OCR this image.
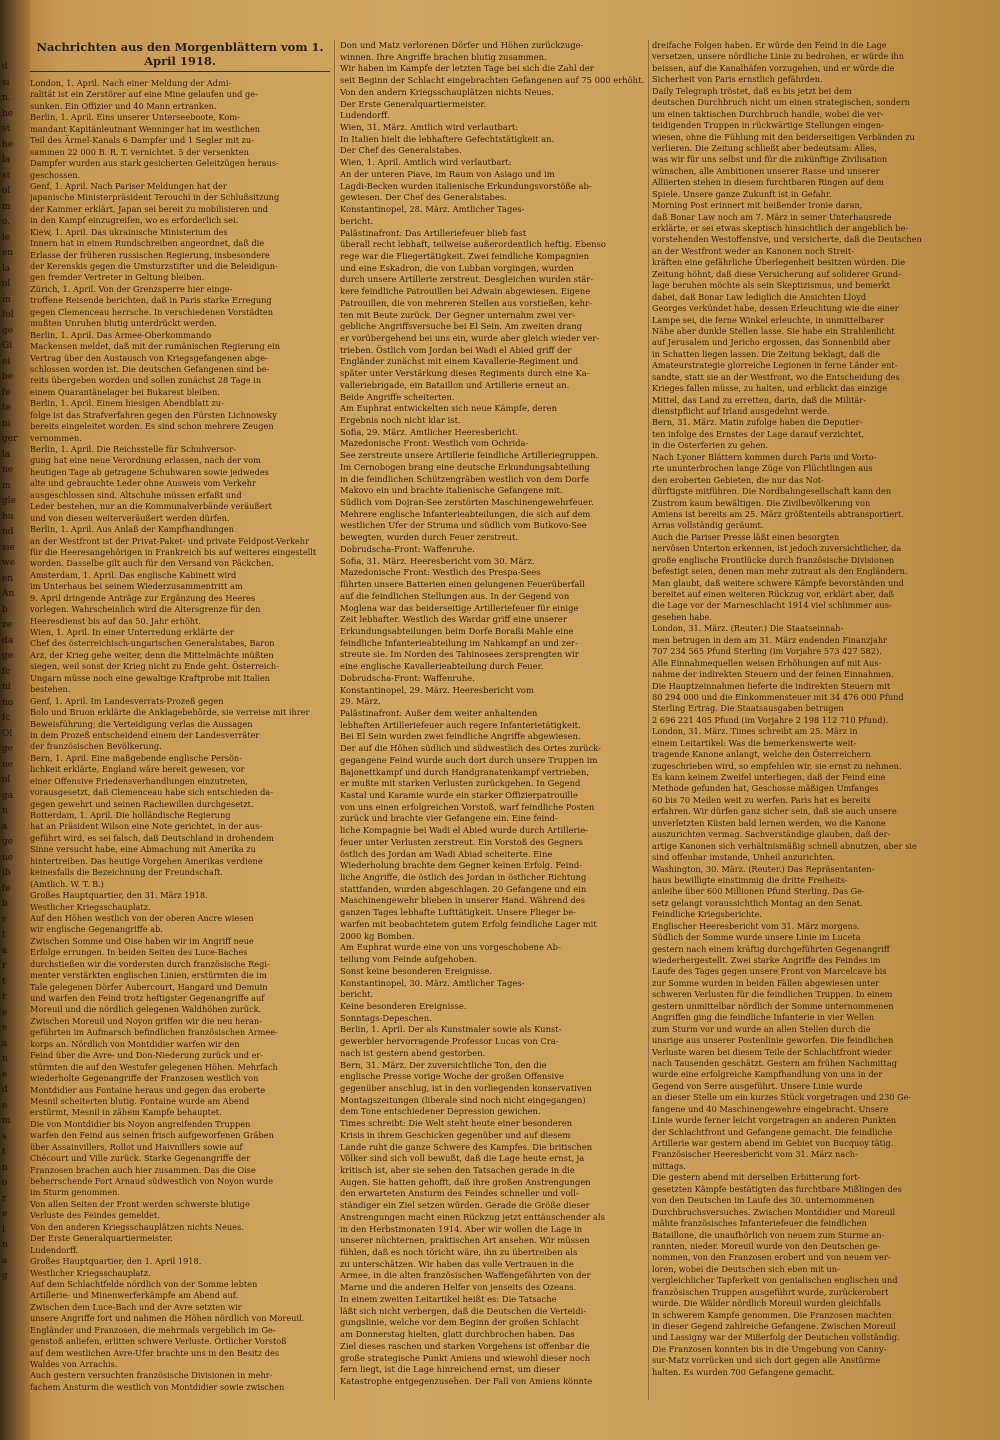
d
si
n.
he
st
he
la
st
ol
m
o.
le
en
la
ol
in
fol
ge
Gi
ei
be
fe
te
ni
ger
la
ne
m
gle
bu
nd
sie
we
en
An
b
ze
da
ge
fc
ni
no
fc
Ol
ge
ue
ol
ga
n
a
ge
ue
ib
fe
b
r
t
a
r
t
r
e
e
a
n
e
d
e
m
s
t
n
o
r
e
l
n
a
g
Nachrichten aus den Morgenblättern vom 1. April 1918.
London, 1. April. Nach einer Meldung der Admi-
ralität ist ein Zerstörer auf eine Mine gelaufen und ge-
sunken. Ein Offizier und 40 Mann ertranken.
Berlin, 1. April. Eins unserer Unterseeboote, Kom-
mandant Kapitänleutnant Wenninger hat im westlichen
Teil des Ärmel-Kanals 6 Dampfer und 1 Segler mit zu-
sammen 22 000 B. R. T. vernichtet. 5 der versenkten
Dampfer wurden aus stark gesicherten Geleitzügen heraus-
geschossen.
Genf, 1. April. Nach Pariser Meldungen hat der
japanische Ministerpräsident Terouchi in der Schlußsitzung
der Kammer erklärt, Japan sei bereit zu mobilisieren und
in den Kampf einzugreifen, wo es erforderlich sei.
Kiew, 1. April. Das ukrainische Ministerium des
Innern hat in einem Rundschreiben angeordnet, daß die
Erlasse der früheren russischen Regierung, insbesondere
der Kerenskis gegen die Umsturzstifter und die Beleidigun-
gen fremder Vertreter in Geltung bleiben.
Zürich, 1. April. Von der Grenzsperre hier einge-
troffene Reisende berichten, daß in Paris starke Erregung
gegen Clemenceau herrsche. In verschiedenen Vorstädten
mußten Unruhen blutig unterdrückt werden.
Berlin, 1. April. Das Armee-Oberkommando
Mackensen meldet, daß mit der rumänischen Regierung ein
Vertrag über den Austausch von Kriegsgefangenen abge-
schlossen worden ist. Die deutschen Gefangenen sind be-
reits übergeben worden und sollen zunächst 28 Tage in
einem Quarantänelager bei Bukarest bleiben.
Berlin, 1. April. Einem hiesigen Abendblatt zu-
folge ist das Strafverfahren gegen den Fürsten Lichnowsky
bereits eingeleitet worden. Es sind schon mehrere Zeugen
vernommen.
Berlin, 1. April. Die Reichsstelle für Schuhversor-
gung hat eine neue Verordnung erlassen, nach der vom
heutigen Tage ab getragene Schuhwaren sowie jedwedes
alte und gebrauchte Leder ohne Ausweis vom Verkehr
ausgeschlossen sind. Altschuhe müssen erfaßt und
Leder bestehen, nur an die Kommunalverbände veräußert
und von diesen weiterveräußert werden dürfen.
Berlin, 1. April. Aus Anlaß der Kampfhandlungen
an der Westfront ist der Privat-Paket- und private Feldpost-Verkehr
für die Heeresangehörigen in Frankreich bis auf weiteres eingestellt
worden. Dasselbe gilt auch für den Versand von Päckchen.
Amsterdam, 1. April. Das englische Kabinett wird
im Unterhaus bei seinem Wiederzusammentritt am
9. April dringende Anträge zur Ergänzung des Heeres
vorlegen. Wahrscheinlich wird die Altersgrenze für den
Heeresdienst bis auf das 50. Jahr erhöht.
Wien, 1. April. In einer Unterredung erklärte der
Chef des österreichisch-ungarischen Generalstabes, Baron
Arz, der Krieg gehe weiter, denn die Mittelmächte müßten
siegen, weil sonst der Krieg nicht zu Ende geht. Österreich-
Ungarn müsse noch eine gewaltige Kraftprobe mit Italien
bestehen.
Genf, 1. April. Im Landesverrats-Prozeß gegen
Bolo und Bruon erklärte die Anklagebehörde, sie verreise mit ihrer
Beweisführung; die Verteidigung verlas die Aussagen
in dem Prozeß entscheidend einem der Landesverräter
der französischen Bevölkerung.
Bern, 1. April. Eine maßgebende englische Persön-
lichkeit erklärte, England wäre bereit gewesen, vor
einer Offensive Friedensverhandlungen einzutreten,
vorausgesetzt, daß Clemenceau habe sich entschieden da-
gegen gewehrt und seinen Rachewillen durchgesetzt.
Rotterdam, 1. April. Die holländische Regierung
hat an Präsident Wilson eine Note gerichtet, in der aus-
geführt wird, es sei falsch, daß Deutschland in drohendem
Sinne versucht habe, eine Abmachung mit Amerika zu
hintertreiben. Das heutige Vorgehen Amerikas verdiene
keinesfalls die Bezeichnung der Freundschaft.
(Amtlich. W. T. B.)
Großes Hauptquartier, den 31. März 1918.
Westlicher Kriegsschauplatz.
Auf den Höhen westlich von der oberen Ancre wiesen
wir englische Gegenangriffe ab.
Zwischen Somme und Oise haben wir im Angriff neue
Erfolge errungen. In beiden Seiten des Luce-Baches
durchstießen wir die vordersten durch französische Regi-
menter verstärkten englischen Linien, erstürmten die im
Tale gelegenen Dörfer Aubercourt, Hangard und Demuin
und warfen den Feind trotz heftigster Gegenangriffe auf
Moreuil und die nördlich gelegenen Waldhöhen zurück.
Zwischen Moreuil und Noyon griffen wir die neu heran-
geführten im Aufmarsch befindlichen französischen Armee-
korps an. Nördlich von Montdidier warfen wir den
Feind über die Avre- und Don-Niederung zurück und er-
stürmten die auf den Westufer gelegenen Höhen. Mehrfach
wiederholte Gegenangriffe der Franzosen westlich von
Montdidier aus Fontaine heraus und gegen das eroberte
Mesnil scheiterten blutig. Fontaine wurde am Abend
erstürmt, Mesnil in zähem Kampfe behauptet.
Die von Montdidier bis Noyon angreifenden Truppen
warfen den Feind aus seinen frisch aufgeworfenen Gräben
über Assainvillers, Rollot und Haivnillers sowie auf
Chécourt und Ville zurück. Starke Gegenangriffe der
Franzosen brachen auch hier zusammen. Das die Oise
beherrschende Fort Arnaud südwestlich von Noyon wurde
im Sturm genommen.
Von allen Seiten der Front werden schwerste blutige
Verluste des Feindes gemeldet.
Von den anderen Kriegsschauplätzen nichts Neues.
Der Erste Generalquartiermeister.
Ludendorff.
Großes Hauptquartier, den 1. April 1918.
Westlicher Kriegsschauplatz.
Auf dem Schlachtfelde nördlich von der Somme lebten
Artillerie- und Minenwerferkämpfe am Abend auf.
Zwischen dem Luce-Bach und der Avre setzten wir
unsere Angriffe fort und nahmen die Höhen nördlich von Moreuil.
Engländer und Franzosen, die mehrmals vergeblich im Ge-
genstoß anliefen, erlitten schwere Verluste. Örtlicher Vorstoß
auf dem westlichen Avre-Ufer brachte uns in den Besitz des
Waldes von Arrachis.
Auch gestern versuchten französische Divisionen in mehr-
fachem Ansturm die westlich von Montdidier sowie zwischen
Don und Matz verlorenen Dörfer und Höhen zurückzuge-
winnen. Ihre Angriffe brachen blutig zusammen.
Wir haben im Kampfe der letzten Tage bei sich die Zahl der
seit Beginn der Schlacht eingebrachten Gefangenen auf 75 000 erhöht.
Von den andern Kriegsschauplätzen nichts Neues.
Der Erste Generalquartiermeister.
Ludendorff.
Wien, 31. März. Amtlich wird verlautbart:
In Italien hielt die lebhaftere Gefechtstätigkeit an.
Der Chef des Generalstabes.
Wien, 1. April. Amtlich wird verlautbart:
An der unteren Piave, im Raum von Asiago und im
Lagdi-Becken wurden italienische Erkundungsvorstöße ab-
gewiesen. Der Chef des Generalstabes.
Konstantinopel, 28. März. Amtlicher Tages-
bericht.
Palästinafront: Das Artilleriefeuer blieb fast
überall recht lebhaft, teilweise außerordentlich heftig. Ebenso
rege war die Fliegertätigkeit. Zwei feindliche Kompagnien
und eine Eskadron, die von Lubban vorgingen, wurden
durch unsere Artillerie zerstreut. Desgleichen wurden stär-
kere feindliche Patrouillen bei Adwain abgewiesen. Eigene
Patrouillen, die von mehreren Stellen aus vorstießen, kehr-
ten mit Beute zurück. Der Gegner unternahm zwei ver-
gebliche Angriffsversuche bei El Sein. Am zweiten drang
er vorübergehend bei uns ein, wurde aber gleich wieder ver-
trieben. Östlich vom Jordan bei Wadi el Abied griff der
Engländer zunächst mit einem Kavallerie-Regiment und
später unter Verstärkung dieses Regiments durch eine Ka-
valleriebrigade, ein Bataillon und Artillerie erneut an.
Beide Angriffe scheiterten.
Am Euphrat entwickelten sich neue Kämpfe, deren
Ergebnis noch nicht klar ist.
Sofia, 29. März. Amtlicher Heeresbericht.
Mazedonische Front: Westlich vom Ochrida-
See zerstreute unsere Artillerie feindliche Artilleriegruppen.
Im Cernobogen brang eine deutsche Erkundungsabteilung
in die feindlichen Schützengräben westlich von dem Dorfe
Makovo ein und brachte italienische Gefangene mit.
Südlich vom Dojran-See zerstörten Maschinengewehrfeuer.
Mehrere englische Infanterieabteilungen, die sich auf dem
westlichen Ufer der Struma und südlich vom Butkovo-See
bewegten, wurden durch Feuer zerstreut.
Dobrudscha-Front: Waffenruhe.
Sofia, 31. März. Heeresbericht vom 30. März.
Mazedonische Front: Westlich des Prespa-Sees
führten unsere Batterien einen gelungenen Feuerüberfall
auf die feindlichen Stellungen aus. In der Gegend von
Moglena war das beiderseitige Artilleriefeuer für einige
Zeit lebhafter. Westlich des Wardar griff eine unserer
Erkundungsabteilungen beim Dorfe Boraßi Mahle eine
feindliche Infanterieabteilung im Nahkampf an und zer-
streute sie. Im Norden des Tahinosees zersprengten wir
eine englische Kavallerieabteilung durch Feuer.
Dobrudscha-Front: Waffenruhe.
Konstantinopel, 29. März. Heeresbericht vom
29. März.
Palästinafront: Außer dem weiter anhaltenden
lebhaften Artilleriefeuer auch regere Infanterietätigkeit.
Bei El Sein wurden zwei feindliche Angriffe abgewiesen.
Der auf die Höhen südlich und südwestlich des Ortes zurück-
gegangene Feind wurde auch dort durch unsere Truppen im
Bajonettkampf und durch Handgranatenkampf vertrieben,
er mußte mit starken Verlusten zurückgehen. In Gegend
Kastal und Karamie wurde ein starker Offizierpatrouille
von uns einen erfolgreichen Vorstoß, warf feindliche Posten
zurück und brachte vier Gefangene ein. Eine feind-
liche Kompagnie bei Wadi el Abied wurde durch Artillerie-
feuer unter Verlusten zerstreut. Ein Vorstoß des Gegners
östlich des Jordan am Wadi Abiad scheiterte. Eine
Wiederholung brachte dem Gegner keinen Erfolg. Feind-
liche Angriffe, die östlich des Jordan in östlicher Richtung
stattfanden, wurden abgeschlagen. 20 Gefangene und ein
Maschinengewehr blieben in unserer Hand. Während des
ganzen Tages lebhafte Lufttätigkeit. Unsere Flieger be-
warfen mit beobachtetem gutem Erfolg feindliche Lager mit
2000 kg Bomben.
Am Euphrat wurde eine von uns vorgeschobene Ab-
teilung vom Feinde aufgehoben.
Sonst keine besonderen Ereignisse.
Konstantinopel, 30. März. Amtlicher Tages-
bericht.
Keine besonderen Ereignisse.
Sonntags-Depeschen.
Berlin, 1. April. Der als Kunstmaler sowie als Kunst-
gewerbler hervorragende Professor Lucas von Cra-
nach ist gestern abend gestorben.
Bern, 31. März. Der zuversichtliche Ton, den die
englische Presse vorige Woche der großen Offensive
gegenüber anschlug, ist in den vorliegenden konservativen
Montagszeitungen (liberale sind noch nicht eingegangen)
dem Tone entschiedener Depression gewichen.
Times schreibt: Die Welt steht heute einer besonderen
Krisis in ihrem Geschicken gegenüber und auf diesem
Lande ruht die ganze Schwere des Kampfes. Die britischen
Völker sind sich voll bewußt, daß die Lage heute ernst, ja
kritisch ist, aber sie sehen den Tatsachen gerade in die
Augen. Sie hatten gehofft, daß ihre großen Anstrengungen
den erwarteten Ansturm des Feindes schneller und voll-
ständiger ein Ziel setzen würden. Gerade die Größe dieser
Anstrengungen macht einen Rückzug jetzt enttäuschender als
in den Herbstmonaten 1914. Aber wir wollen die Lage in
unserer nüchternen, praktischen Art ansehen. Wir müssen
fühlen, daß es noch töricht wäre, ihn zu übertreiben als
zu unterschätzen. Wir haben das volle Vertrauen in die
Armee, in die alten französischen Waffengefährten von der
Marne und die anderen Helfer von jenseits des Ozeans.
In einem zweiten Leitartikel heißt es: Die Tatsache
läßt sich nicht verbergen, daß die Deutschen die Verteidi-
gungslinie, welche vor dem Beginn der großen Schlacht
am Donnerstag hielten, glatt durchbrochen haben. Das
Ziel dieses raschen und starken Vorgehens ist offenbar die
große strategische Punkt Amiens und wiewohl dieser noch
fern liegt, ist die Lage hinreichend ernst, um dieser
Katastrophe entgegenzusehen. Der Fall von Amiens könnte
dreifache Folgen haben. Er würde den Feind in die Lage
versetzen, unsere nördliche Linie zu bedrohen, er würde ihn
beissen, auf die Kanalhäfen vorzugehen, und er würde die
Sicherheit von Paris ernstlich gefährden.
Daily Telegraph tröstet, daß es bis jetzt bei dem
deutschen Durchbruch nicht um einen strategischen, sondern
um einen taktischen Durchbruch handle, wobei die ver-
teidigenden Truppen in rückwärtige Stellungen eingen-
wiesen, ohne die Fühlung mit den beiderseitigen Verbänden zu
verlieren. Die Zeitung schließt aber bedeutsam: Alles,
was wir für uns selbst und für die zukünftige Zivilisation
wünschen, alle Ambitionen unserer Rasse und unserer
Alliierten stehen in diesem furchtbaren Ringen auf dem
Spiele. Unsere ganze Zukunft ist in Gefahr.
Morning Post erinnert mit beißender Ironie daran,
daß Bonar Law noch am 7. März in seiner Unterhausrede
erklärte, er sei etwas skeptisch hinsichtlich der angeblich be-
vorstehenden Westoffensive, und versicherte, daß die Deutschen
an der Westfront weder an Kanonen noch Streit-
kräften eine gefährliche Überlegenheit besitzen würden. Die
Zeitung höhnt, daß diese Versicherung auf soliderer Grund-
lage beruhen möchte als sein Skeptizismus, und bemerkt
dabei, daß Bonar Law lediglich die Ansichten Lloyd
Georges verkündet habe, dessen Erleuchtung wie die einer
Lampe sei, die ferne Winkel erleuchte, in unmittelbarer
Nähe aber dunkle Stellen lasse. Sie habe ein Strahlenlicht
auf Jerusalem und Jericho ergossen, das Sonnenbild aber
in Schatten liegen lassen. Die Zeitung beklagt, daß die
Amateurstrategie glorreiche Legionen in ferne Länder ent-
sandte, statt sie an der Westfront, wo die Entscheidung des
Krieges fallen müsse, zu halten, und erblickt das einzige
Mittel, das Land zu erretten, darin, daß die Militär-
dienstpflicht auf Irland ausgedehnt werde.
Bern, 31. März. Matin zufolge haben die Deputier-
ten infolge des Ernstes der Lage darauf verzichtet,
in die Osterferien zu gehen.
Nach Lyoner Blättern kommen durch Paris und Vorto-
rte ununterbrochen lange Züge von Flüchtlingen aus
den eroberten Gebieten, die nur das Not-
dürftigste mitführen. Die Nordbahngesellschaft kann den
Zustrom kaum bewältigen. Die Zivilbevölkerung von
Amiens ist bereits am 25. März größtenteils abtransportiert.
Arras vollständig geräumt.
Auch die Pariser Presse läßt einen besorgten
nervösen Unterton erkennen, ist jedoch zuversichtlicher, da
große englische Frontlücke durch französische Divisionen
befestigt seien, denen man mehr zutraut als den Engländern.
Man glaubt, daß weitere schwere Kämpfe bevorständen und
bereitet auf einen weiteren Rückzug vor, erklärt aber, daß
die Lage vor der Marneschlacht 1914 viel schlimmer aus-
gesehen habe.
London, 31. März. (Reuter.) Die Staatseinnah-
men betrugen in dem am 31. März endenden Finanzjahr
707 234 565 Pfund Sterling (im Vorjahre 573 427 582).
Alle Einnahmequellen weisen Erhöhungen auf mit Aus-
nahme der indirekten Steuern und der feinen Einnahmen.
Die Hauptzeinnahmen lieferte die indirekten Steuern mit
80 294 000 und die Einkommensteuer mit 34 476 000 Pfund
Sterling Ertrag. Die Staatsausgaben betrugen
2 696 221 405 Pfund (im Vorjahre 2 198 112 710 Pfund).
London, 31. März. Times schreibt am 25. März in
einem Leitartikel: Was die bemerkenswerte weit-
tragende Kanone anlangt, welche den Österreichern
zugeschrieben wird, so empfehlen wir, sie ernst zu nehmen.
Es kann keinem Zweifel unterliegen, daß der Feind eine
Methode gefunden hat, Geschosse mäßigen Umfanges
60 bis 70 Meilen weit zu werfen. Paris hat es bereits
erfahren. Wir dürfen ganz sicher sein, daß sie auch unsere
unverletzten Küsten bald lernen werden, wo die Kanone
auszurichten vermag. Sachverständige glauben, daß der-
artige Kanonen sich verhältnismäßig schnell abnutzen, aber sie
sind offenbar imstande, Unheil anzurichten.
Washington, 30. März. (Reuter.) Das Repräsentanten-
haus bewilligte einstimmig die dritte Freiheits-
anleihe über 600 Millionen Pfund Sterling. Das Ge-
setz gelangt voraussichtlich Montag an den Senat.
Feindliche Kriegsberichte.
Englischer Heeresbericht vom 31. März morgens.
Südlich der Somme wurde unsere Linie im Luceta
gestern nach einem kräftig durchgeführten Gegenangriff
wiederhergestellt. Zwei starke Angriffe des Feindes im
Laufe des Tages gegen unsere Front von Marcelcave bis
zur Somme wurden in beiden Fällen abgewiesen unter
schweren Verlusten für die feindlichen Truppen. In einem
gestern unmittelbar nördlich der Somme unternommenen
Angriffen ging die feindliche Infanterie in vier Wellen
zum Sturm vor und wurde an allen Stellen durch die
unsrige aus unserer Postenlinie geworfen. Die feindlichen
Verluste waren bei diesem Teile der Schlachtfront wieder
nach Tausenden geschätzt. Gestern am frühen Nachmittag
wurde eine erfolgreiche Kampfhandlung von uns in der
Gegend von Serre ausgeführt. Unsere Linie wurde
an dieser Stelle um ein kurzes Stück vorgetragen und 230 Ge-
fangene und 40 Maschinengewehre eingebracht. Unsere
Linie wurde ferner leicht vorgetragen an anderen Punkten
der Schlachtfront und Gefangene gemacht. Die feindliche
Artillerie war gestern abend im Gebiet von Bucquoy tätig.
Französischer Heeresbericht vom 31. März nach-
mittags.
Die gestern abend mit derselben Erbitterung fort-
gesetzten Kämpfe bestätigten das furchtbare Mißlingen des
von den Deutschen im Laufe des 30. unternommenen
Durchbruchsversuches. Zwischen Montdidier und Moreuil
mähte französisches Infanteriefeuer die feindlichen
Bataillone, die unaufhörlich von neuem zum Sturme an-
rannten, nieder. Moreuil wurde von den Deutschen ge-
nommen, von den Franzosen erobert und von neuem ver-
loren, wobei die Deutschen sich eben mit un-
vergleichlicher Tapferkeit von genialischen englischen und
französischen Truppen ausgeführt wurde, zurückerobert
wurde. Die Wälder nördlich Moreuil wurden gleichfalls
in schwerem Kampfe genommen. Die Franzosen machten
in dieser Gegend zahlreiche Gefangene. Zwischen Moreuil
und Lassigny war der Mißerfolg der Deutschen vollständig.
Die Franzosen konnten bis in die Umgebung von Canny-
sur-Matz vorrücken und sich dort gegen alle Anstürme
halten. Es wurden 700 Gefangene gemacht.
